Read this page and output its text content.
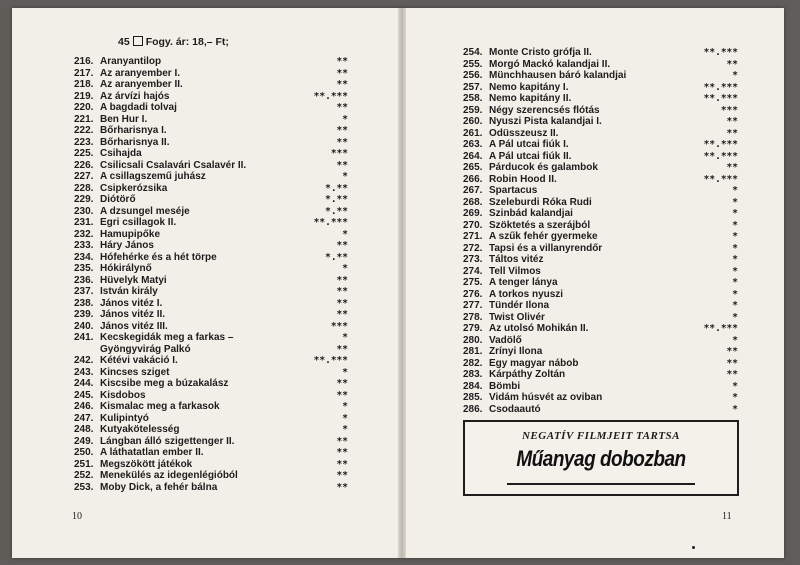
45 Fogy. ár: 18,– Ft;
216. Aranyantilop	**
217. Az aranyember I.	**
218. Az aranyember II.	**
219. Az árvízi hajós	**.***
220. A bagdadi tolvaj	**
221. Ben Hur I.	*
222. Bőrharisnya I.	**
223. Bőrharisnya II.	**
225. Csihajda	***
226. Csilicsali Csalavári Csalavér II.	**
227. A csillagszemű juhász	*
228. Csipkerózsika	*.**
229. Diótörő	*.**
230. A dzsungel meséje	*.**
231. Egri csillagok II.	**.***
232. Hamupipőke	*
233. Háry János	**
234. Hófehérke és a hét törpe	*.**
235. Hókirálynő	*
236. Hüvelyk Matyi	**
237. István király	**
238. János vitéz I.	**
239. János vitéz II.	**
240. János vitéz III.	***
241. Kecskegidák meg a farkas –	*
Gyöngyvirág Palkó	**
242. Kétévi vakáció I.	**.***
243. Kincses sziget	*
244. Kiscsibe meg a búzakalász	**
245. Kisdobos	**
246. Kismalac meg a farkasok	*
247. Kulipintyó	*
248. Kutyakötelesség	*
249. Lángban álló szigettenger II.	**
250. A láthatatlan ember II.	**
251. Megszökött játékok	**
252. Menekülés az idegenlégióból	**
253. Moby Dick, a fehér bálna	**
254. Monte Cristo grófja II.	**.***
255. Morgó Mackó kalandjai II.	**
256. Münchhausen báró kalandjai	*
257. Nemo kapitány I.	**.***
258. Nemo kapitány II.	**.***
259. Négy szerencsés flótás	***
260. Nyuszi Pista kalandjai I.	**
261. Odüsszeusz II.	**
263. A Pál utcai fiúk I.	**.***
264. A Pál utcai fiúk II.	**.***
265. Párducok és galambok	**
266. Robin Hood II.	**.***
267. Spartacus	*
268. Szeleburdi Róka Rudi	*
269. Szinbád kalandjai	*
270. Szöktetés a szerájból	*
271. A szűk fehér gyermeke	*
272. Tapsi és a villanyrendőr	*
273. Táltos vitéz	*
274. Tell Vilmos	*
275. A tenger lánya	*
276. A torkos nyuszi	*
277. Tündér Ilona	*
278. Twist Olivér	*
279. Az utolsó Mohikán II.	**.***
280. Vadölő	*
281. Zrínyi Ilona	**
282. Egy magyar nábob	**
283. Kárpáthy Zoltán	**
284. Bömbi	*
285. Vidám húsvét az oviban	*
286. Csodaautó	*
10	11
NEGATÍV FILMJEIT TARTSA
Műanyag dobozban
